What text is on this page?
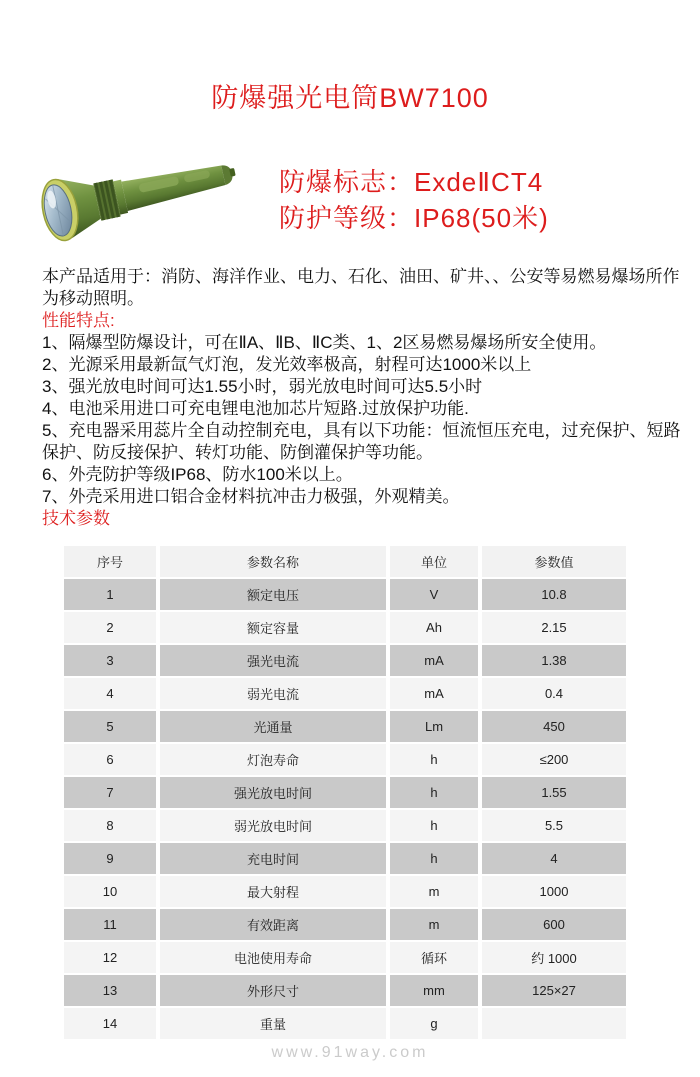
防爆强光电筒BW7100
防爆标志：ExdeⅡCT4
防护等级：IP68(50米)
本产品适用于：消防、海洋作业、电力、石化、油田、矿井、、公安等易燃易爆场所作为移动照明。
性能特点:
1、隔爆型防爆设计，可在ⅡA、ⅡB、ⅡC类、1、2区易燃易爆场所安全使用。
2、光源采用最新氙气灯泡，发光效率极高，射程可达1000米以上
3、强光放电时间可达1.55小时，弱光放电时间可达5.5小时
4、电池采用进口可充电锂电池加芯片短路.过放保护功能.
5、充电器采用蕊片全自动控制充电，具有以下功能：恒流恒压充电，过充保护、短路保护、防反接保护、转灯功能、防倒灌保护等功能。
6、外壳防护等级IP68、防水100米以上。
7、外壳采用进口铝合金材料抗冲击力极强，外观精美。
技术参数
序号	参数名称	单位	参数值
1	额定电压	V	10.8
2	额定容量	Ah	2.15
3	强光电流	mA	1.38
4	弱光电流	mA	0.4
5	光通量	Lm	450
6	灯泡寿命	h	≤200
7	强光放电时间	h	1.55
8	弱光放电时间	h	5.5
9	充电时间	h	4
10	最大射程	m	1000
11	有效距离	m	600
12	电池使用寿命	循环	约 1000
13	外形尺寸	mm	125×27
14	重量	g
www.91way.com
